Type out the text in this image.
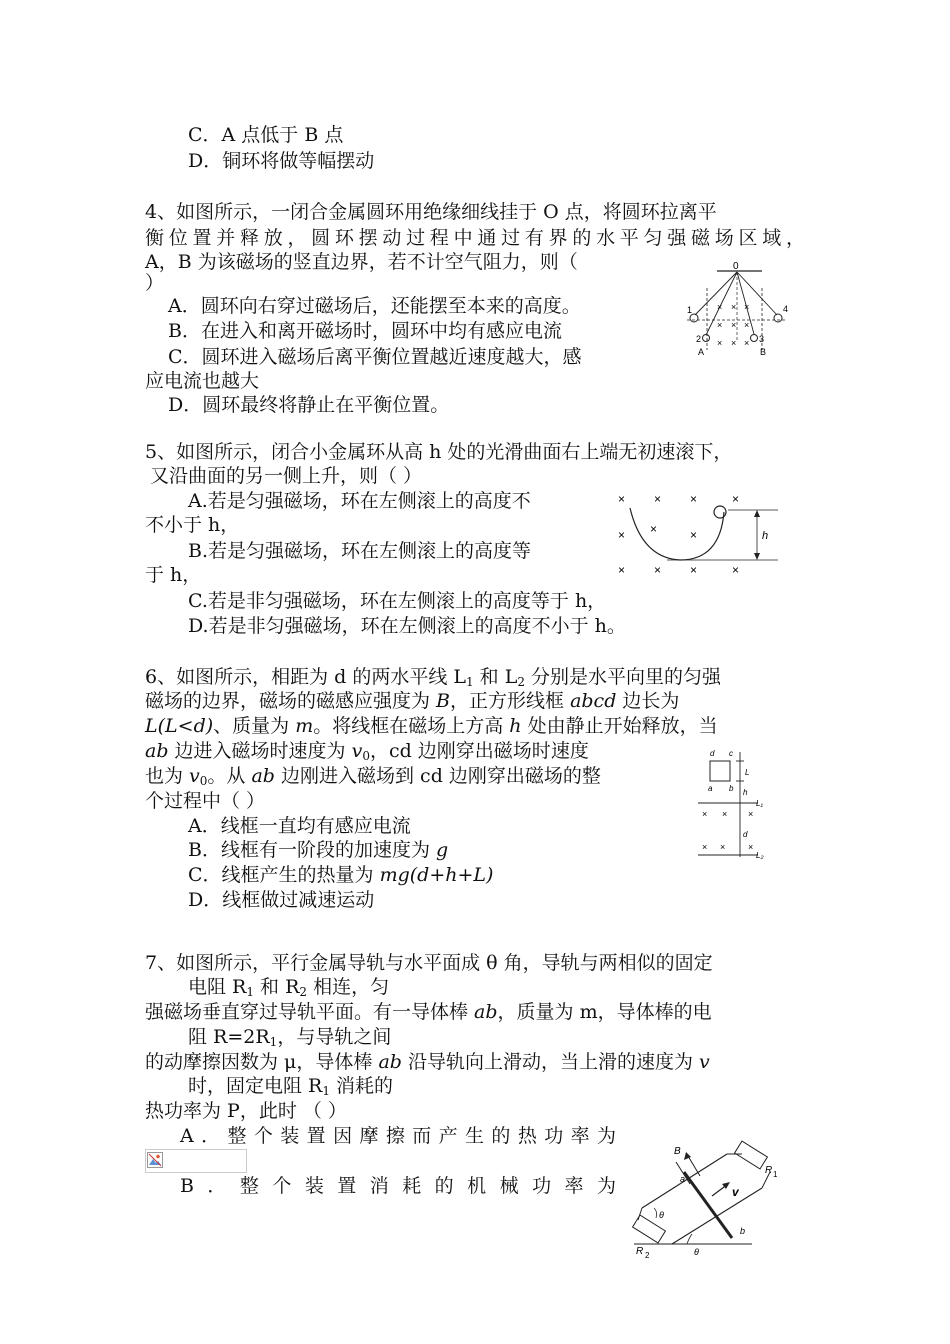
C．A 点低于 B 点
D．铜环将做等幅摆动
4、如图所示，一闭合金属圆环用绝缘细线挂于 O 点，将圆环拉离平
衡位置并释放，圆环摆动过程中通过有界的水平匀强磁场区域，
A，B 为该磁场的竖直边界，若不计空气阻力，则（
）
A．圆环向右穿过磁场后，还能摆至本来的高度。
B．在进入和离开磁场时，圆环中均有感应电流
C．圆环进入磁场后离平衡位置越近速度越大，感
应电流也越大
D．圆环最终将静止在平衡位置。
0
1	4
2	3
A	B
× × ×
× × ×
× × ×
5、如图所示，闭合小金属环从高 h 处的光滑曲面右上端无初速滚下，
又沿曲面的另一侧上升，则（ ）
A.若是匀强磁场，环在左侧滚上的高度不
不小于 h，
B.若是匀强磁场，环在左侧滚上的高度等
于 h，
C.若是非匀强磁场，环在左侧滚上的高度等于 h，
D.若是非匀强磁场，环在左侧滚上的高度不小于 h。
× × ×	×
× ×	×
× × ×	×
h
6、如图所示，相距为 d 的两水平线 $L_1$ 和 $L_2$ 分别是水平向里的匀强
磁场的边界，磁场的磁感应强度为 B，正方形线框 abcd 边长为
L(L<d)、质量为 m。将线框在磁场上方高 h 处由静止开始释放，当
ab 边进入磁场时速度为 $v_0$，cd 边刚穿出磁场时速度
也为 $v_0$。从 ab 边刚进入磁场到 cd 边刚穿出磁场的整
个过程中（ ）
A．线框一直均有感应电流
B．线框有一阶段的加速度为 g
C．线框产生的热量为 mg(d+h+L)
D．线框做过减速运动
d c
a b
L
h
L₁
× × ×
d
× ×	×
L₂
7、如图所示，平行金属导轨与水平面成 θ 角，导轨与两相似的固定
电阻 $R_1$ 和 $R_2$ 相连，匀
强磁场垂直穿过导轨平面。有一导体棒 ab，质量为 m，导体棒的电
阻 $R=2R_1$，与导轨之间
的动摩擦因数为 μ，导体棒 ab 沿导轨向上滑动，当上滑的速度为 v
时，固定电阻 $R_1$ 消耗的
热功率为 P，此时 （ ）
A．整个装置因摩擦而产生的热功率为
B．整个装置消耗的机械功率为
B
a
v
R 1
b
θ
R 2	θ
